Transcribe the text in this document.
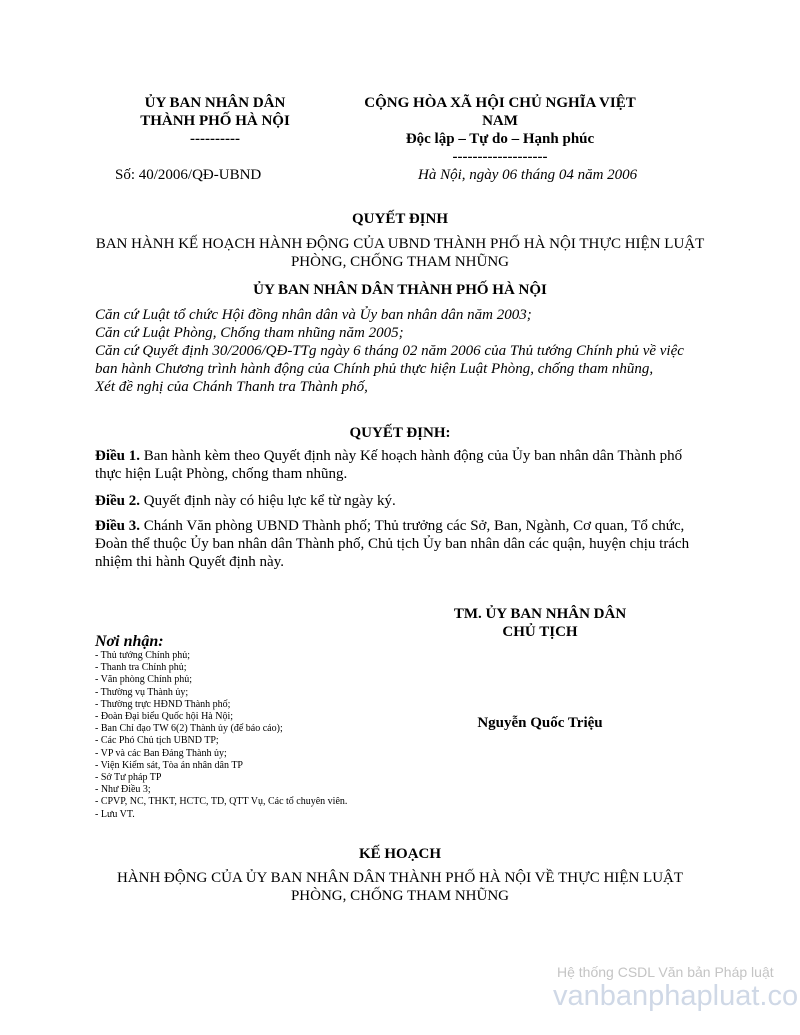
ỦY BAN NHÂN DÂN
THÀNH PHỐ HÀ NỘI
----------
CỘNG HÒA XÃ HỘI CHỦ NGHĨA VIỆT
NAM
Độc lập – Tự do – Hạnh phúc
-------------------
Số: 40/2006/QĐ-UBND	Hà Nội, ngày 06 tháng 04 năm 2006
QUYẾT ĐỊNH
BAN HÀNH KẾ HOẠCH HÀNH ĐỘNG CỦA UBND THÀNH PHỐ HÀ NỘI THỰC HIỆN LUẬT PHÒNG, CHỐNG THAM NHŨNG
ỦY BAN NHÂN DÂN THÀNH PHỐ HÀ NỘI

Căn cứ Luật tổ chức Hội đồng nhân dân và Ủy ban nhân dân năm 2003;

Căn cứ Luật Phòng, Chống tham nhũng năm 2005;

Căn cứ Quyết định 30/2006/QĐ-TTg ngày 6 tháng 02 năm 2006 của Thủ tướng Chính phủ về việc ban hành Chương trình hành động của Chính phủ thực hiện Luật Phòng, chống tham nhũng,

Xét đề nghị của Chánh Thanh tra Thành phố,

QUYẾT ĐỊNH:

Điều 1. Ban hành kèm theo Quyết định này Kế hoạch hành động của Ủy ban nhân dân Thành phố thực hiện Luật Phòng, chống tham nhũng.

Điều 2. Quyết định này có hiệu lực kể từ ngày ký.

Điều 3. Chánh Văn phòng UBND Thành phố; Thủ trưởng các Sở, Ban, Ngành, Cơ quan, Tổ chức, Đoàn thể thuộc Ủy ban nhân dân Thành phố, Chủ tịch Ủy ban nhân dân các quận, huyện chịu trách nhiệm thi hành Quyết định này.

TM. ỦY BAN NHÂN DÂN
CHỦ TỊCH
Nguyễn Quốc Triệu
Nơi nhận:
- Thủ tướng Chính phủ;
- Thanh tra Chính phủ;
- Văn phòng Chính phủ;
- Thường vụ Thành ủy;
- Thường trực HĐND Thành phố;
- Đoàn Đại biểu Quốc hội Hà Nội;
- Ban Chỉ đạo TW 6(2) Thành ủy (để báo cáo);
- Các Phó Chủ tịch UBND TP;
- VP và các Ban Đảng Thành ủy;
- Viện Kiểm sát, Tòa án nhân dân TP
- Sở Tư pháp TP
- Như Điều 3;
- CPVP, NC, THKT, HCTC, TD, QTT Vụ, Các tổ chuyên viên.
- Lưu VT.
KẾ HOẠCH
HÀNH ĐỘNG CỦA ỦY BAN NHÂN DÂN THÀNH PHỐ HÀ NỘI VỀ THỰC HIỆN LUẬT PHÒNG, CHỐNG THAM NHŨNG
Hệ thống CSDL Văn bản Pháp luật
vanbanphapluat.co
